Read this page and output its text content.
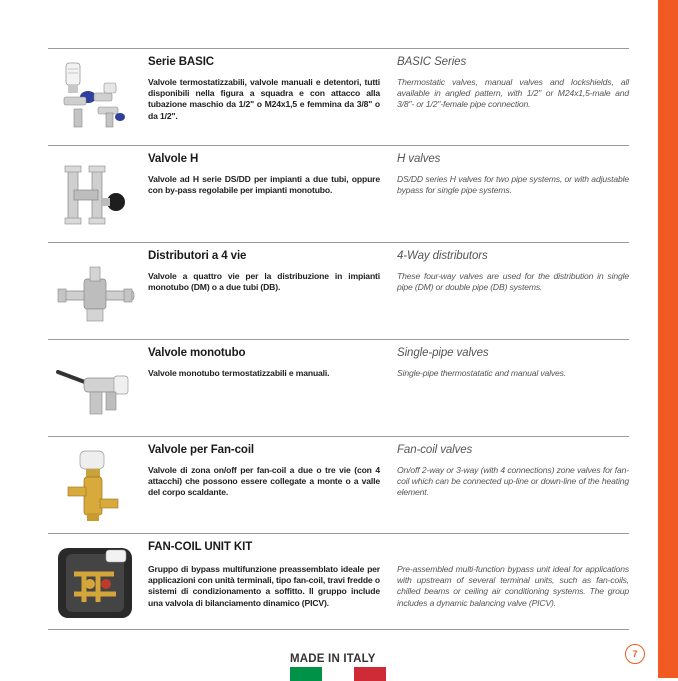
Serie BASIC
Valvole termostatizzabili, valvole manuali e detentori, tutti disponibili nella figura a squadra e con attacco alla tubazione maschio da 1/2" o M24x1,5 e femmina da 3/8" o da 1/2".
BASIC Series
Thermostatic valves, manual valves and lockshields, all available in angled pattern, with 1/2" or M24x1,5-male and 3/8"- or 1/2"-female pipe connection.
Valvole H
Valvole ad H serie DS/DD per impianti a due tubi, oppure con by-pass regolabile per impianti monotubo.
H valves
DS/DD series H valves for two pipe systems, or with adjustable bypass for single pipe systems.
Distributori a 4 vie
Valvole a quattro vie per la distribuzione in impianti monotubo (DM) o a due tubi (DB).
4-Way distributors
These four-way valves are used for the distribution in single pipe (DM) or double pipe (DB) systems.
Valvole monotubo
Valvole monotubo termostatizzabili e manuali.
Single-pipe valves
Single-pipe thermostatatic and manual valves.
Valvole per Fan-coil
Valvole di zona on/off per fan-coil a due o tre vie (con 4 attacchi) che possono essere collegate a monte o a valle del corpo scaldante.
Fan-coil valves
On/off 2-way or 3-way (with 4 connections) zone valves for fan-coil which can be connected up-line or down-line of the heating element.
FAN-COIL UNIT KIT
Gruppo di bypass multifunzione preassemblato ideale per applicazioni con unità terminali, tipo fan-coil, travi fredde o sistemi di condizionamento a soffitto. Il gruppo include una valvola di bilanciamento dinamico (PICV).
Pre-assembled multi-function bypass unit ideal for applications with upstream of several terminal units, such as fan-coils, chilled beams or ceiling air conditioning systems. The group includes a dynamic balancing valve (PICV).
MADE IN ITALY	7
